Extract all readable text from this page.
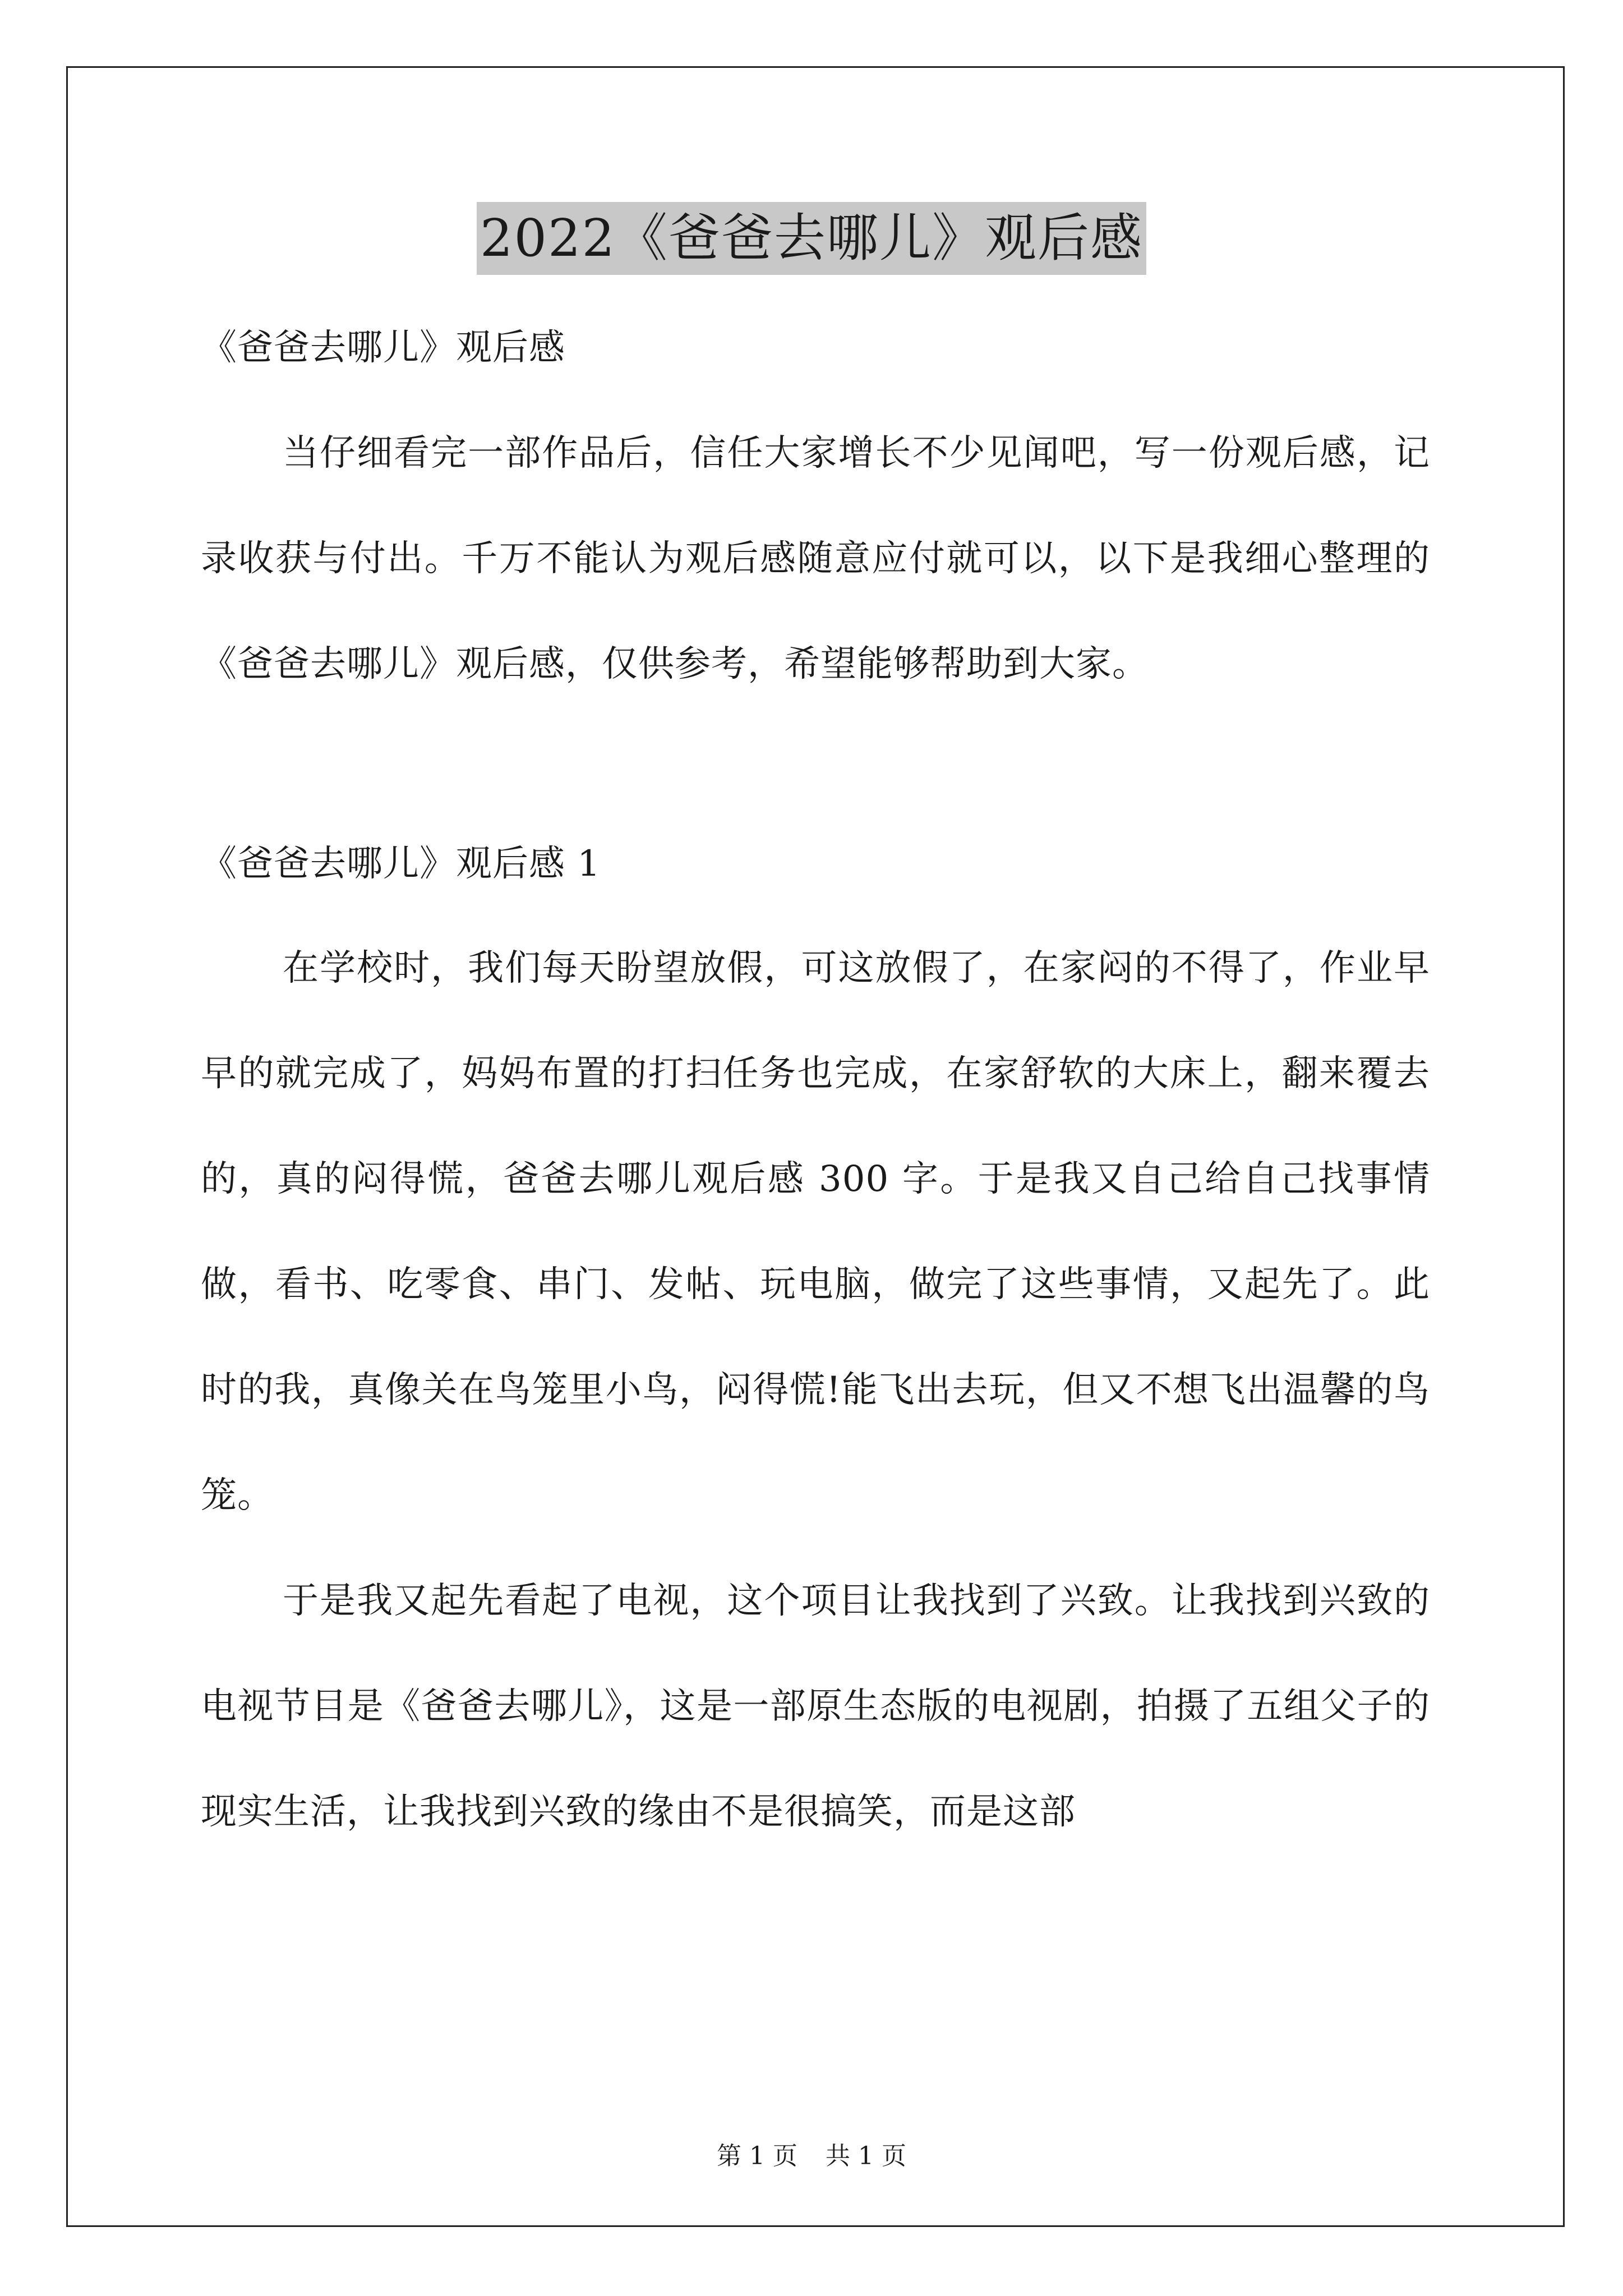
2022《爸爸去哪儿》观后感

《爸爸去哪儿》观后感

当仔细看完一部作品后，信任大家增长不少见闻吧，写一份观后感，记录收获与付出。千万不能认为观后感随意应付就可以，以下是我细心整理的《爸爸去哪儿》观后感，仅供参考，希望能够帮助到大家。

《爸爸去哪儿》观后感 1

在学校时，我们每天盼望放假，可这放假了，在家闷的不得了，作业早早的就完成了，妈妈布置的打扫任务也完成，在家舒软的大床上，翻来覆去的，真的闷得慌，爸爸去哪儿观后感 300 字。于是我又自己给自己找事情做，看书、吃零食、串门、发帖、玩电脑，做完了这些事情，又起先了。此时的我，真像关在鸟笼里小鸟，闷得慌!能飞出去玩，但又不想飞出温馨的鸟笼。

于是我又起先看起了电视，这个项目让我找到了兴致。让我找到兴致的电视节目是《爸爸去哪儿》，这是一部原生态版的电视剧，拍摄了五组父子的现实生活，让我找到兴致的缘由不是很搞笑，而是这部

第 1 页 共 1 页
